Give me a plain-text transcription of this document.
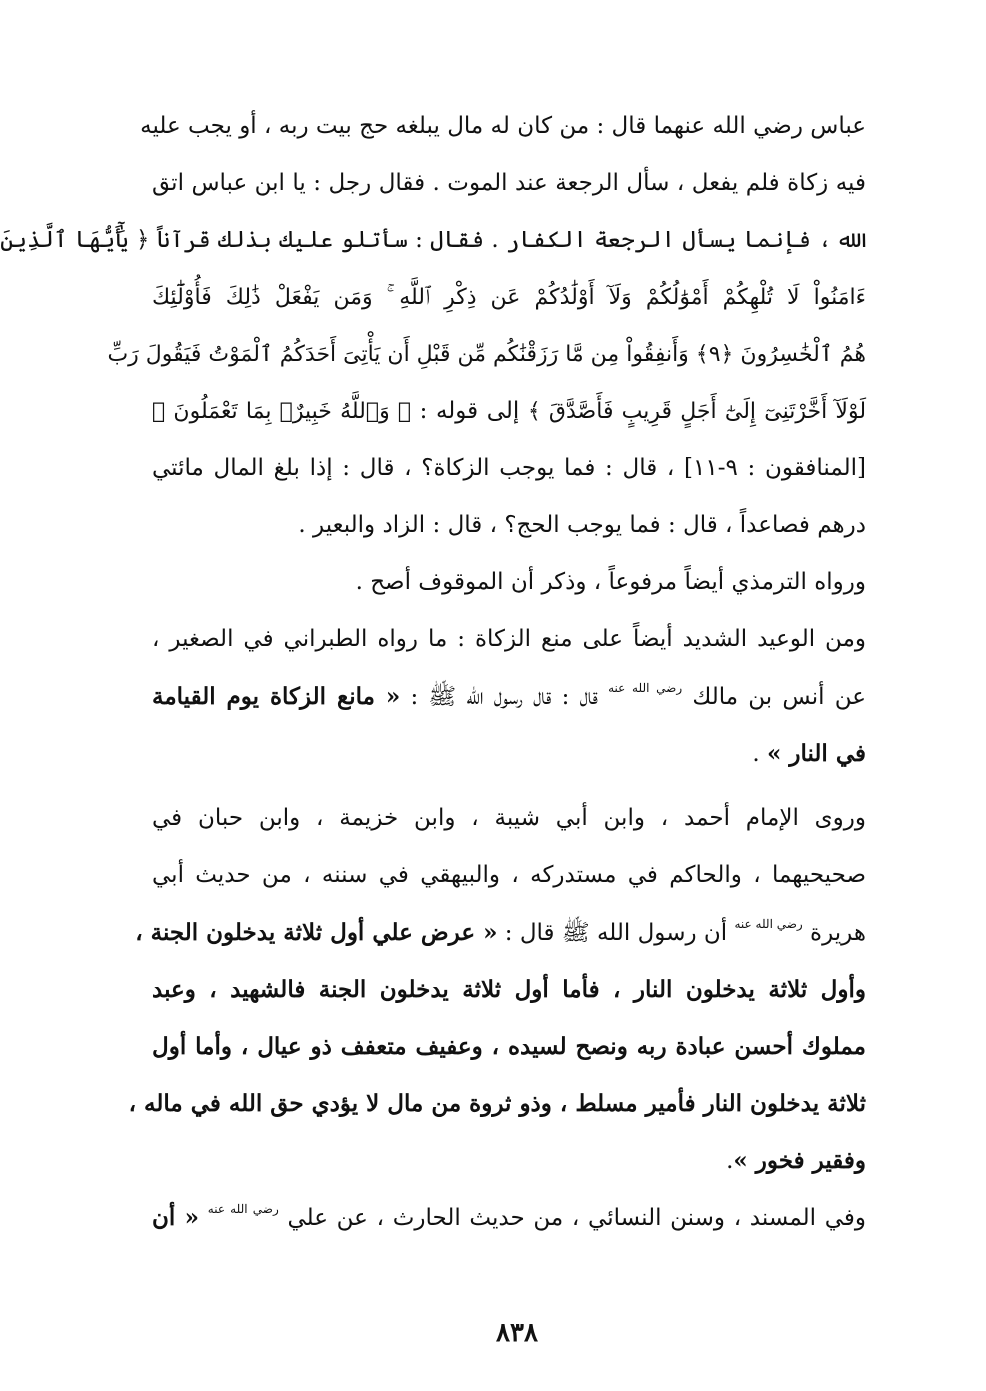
عباس رضي الله عنهما قال : من كان له مال يبلغه حج بيت ربه ، أو يجب عليه
فيه زكاة فلم يفعل ، سأل الرجعة عند الموت . فقال رجل : يا ابن عباس اتق
الله ، فإنما يسأل الرجعة الكفار . فقال : سأتلو عليك بذلك قرآناً ﴿ يَٰٓأَيُّهَا ٱلَّذِينَ
ءَامَنُواْ لَا تُلْهِكُمْ أَمْوَٰلُكُمْ وَلَآ أَوْلَٰدُكُمْ عَن ذِكْرِ ٱللَّهِ ۚ وَمَن يَفْعَلْ ذَٰلِكَ فَأُوْلَٰٓئِكَ
هُمُ ٱلْخَٰسِرُونَ ﴿٩﴾ وَأَنفِقُواْ مِن مَّا رَزَقْنَٰكُم مِّن قَبْلِ أَن يَأْتِىَ أَحَدَكُمُ ٱلْمَوْتُ فَيَقُولَ رَبِّ
لَوْلَآ أَخَّرْتَنِىٓ إِلَىٰٓ أَجَلٍ قَرِيبٍ فَأَصَّدَّقَ ﴾ إلى قوله : ﴿ وَٱللَّهُ خَبِيرٌۢ بِمَا تَعْمَلُونَ ﴾
[المنافقون : ٩-١١] ، قال : فما يوجب الزكاة؟ ، قال : إذا بلغ المال مائتي
درهم فصاعداً ، قال : فما يوجب الحج؟ ، قال : الزاد والبعير .
ورواه الترمذي أيضاً مرفوعاً ، وذكر أن الموقوف أصح .
ومن الوعيد الشديد أيضاً على منع الزكاة : ما رواه الطبراني في الصغير ،
عن أنس بن مالك $^{رضي الله عنه}$ قال : قال رسول الله ﷺ : « مانع الزكاة يوم القيامة
في النار » .
وروى الإمام أحمد ، وابن أبي شيبة ، وابن خزيمة ، وابن حبان في
صحيحيهما ، والحاكم في مستدركه ، والبيهقي في سننه ، من حديث أبي
هريرة $^{رضي الله عنه}$ أن رسول الله ﷺ قال : « عرض علي أول ثلاثة يدخلون الجنة ،
وأول ثلاثة يدخلون النار ، فأما أول ثلاثة يدخلون الجنة فالشهيد ، وعبد
مملوك أحسن عبادة ربه ونصح لسيده ، وعفيف متعفف ذو عيال ، وأما أول
ثلاثة يدخلون النار فأمير مسلط ، وذو ثروة من مال لا يؤدي حق الله في ماله ،
وفقير فخور ».
وفي المسند ، وسنن النسائي ، من حديث الحارث ، عن علي $^{رضي الله عنه}$ « أن
٨٣٨
